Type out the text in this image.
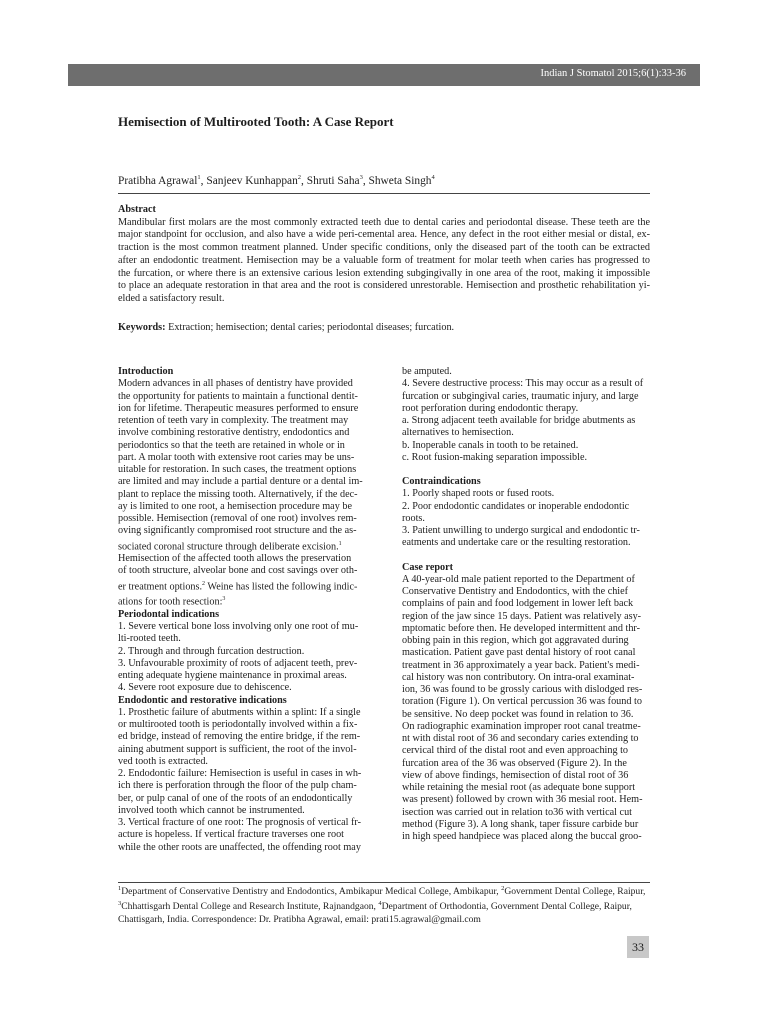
Indian J Stomatol 2015;6(1):33-36
Hemisection of Multirooted Tooth: A Case Report
Pratibha Agrawal$^1$, Sanjeev Kunhappan$^2$, Shruti Saha$^3$, Shweta Singh$^4$
Abstract
Mandibular first molars are the most commonly extracted teeth due to dental caries and periodontal disease. These teeth are the
major standpoint for occlusion, and also have a wide peri-cemental area. Hence, any defect in the root either mesial or distal, ex-
traction is the most common treatment planned. Under specific conditions, only the diseased part of the tooth can be extracted
after an endodontic treatment. Hemisection may be a valuable form of treatment for molar teeth when caries has progressed to
the furcation, or where there is an extensive carious lesion extending subgingivally in one area of the root, making it impossible
to place an adequate restoration in that area and the root is considered unrestorable. Hemisection and prosthetic rehabilitation yi-
elded a satisfactory result.
Keywords: Extraction; hemisection; dental caries; periodontal diseases; furcation.
Introduction
Modern advances in all phases of dentistry have provided
the opportunity for patients to maintain a functional dentit-
ion for lifetime. Therapeutic measures performed to ensure
retention of teeth vary in complexity. The treatment may
involve combining restorative dentistry, endodontics and
periodontics so that the teeth are retained in whole or in
part. A molar tooth with extensive root caries may be uns-
uitable for restoration. In such cases, the treatment options
are limited and may include a partial denture or a dental im-
plant to replace the missing tooth. Alternatively, if the dec-
ay is limited to one root, a hemisection procedure may be
possible. Hemisection (removal of one root) involves rem-
oving significantly compromised root structure and the as-
sociated coronal structure through deliberate excision.$^1$
Hemisection of the affected tooth allows the preservation
of tooth structure, alveolar bone and cost savings over oth-
er treatment options.$^2$ Weine has listed the following indic-
ations for tooth resection:$^3$
Periodontal indications
1. Severe vertical bone loss involving only one root of mu-
lti-rooted teeth.
2. Through and through furcation destruction.
3. Unfavourable proximity of roots of adjacent teeth, prev-
enting adequate hygiene maintenance in proximal areas.
4. Severe root exposure due to dehiscence.
Endodontic and restorative indications
1. Prosthetic failure of abutments within a splint: If a single
or multirooted tooth is periodontally involved within a fix-
ed bridge, instead of removing the entire bridge, if the rem-
aining abutment support is sufficient, the root of the invol-
ved tooth is extracted.
2. Endodontic failure: Hemisection is useful in cases in wh-
ich there is perforation through the floor of the pulp cham-
ber, or pulp canal of one of the roots of an endodontically
involved tooth which cannot be instrumented.
3. Vertical fracture of one root: The prognosis of vertical fr-
acture is hopeless. If vertical fracture traverses one root
while the other roots are unaffected, the offending root may
be amputed.
4. Severe destructive process: This may occur as a result of
furcation or subgingival caries, traumatic injury, and large
root perforation during endodontic therapy.
a. Strong adjacent teeth available for bridge abutments as
alternatives to hemisection.
b. Inoperable canals in tooth to be retained.
c. Root fusion-making separation impossible.
Contraindications
1. Poorly shaped roots or fused roots.
2. Poor endodontic candidates or inoperable endodontic
roots.
3. Patient unwilling to undergo surgical and endodontic tr-
eatments and undertake care or the resulting restoration.
Case report
A 40-year-old male patient reported to the Department of
Conservative Dentistry and Endodontics, with the chief
complains of pain and food lodgement in lower left back
region of the jaw since 15 days. Patient was relatively asy-
mptomatic before then. He developed intermittent and thr-
obbing pain in this region, which got aggravated during
mastication. Patient gave past dental history of root canal
treatment in 36 approximately a year back. Patient's medi-
cal history was non contributory. On intra-oral examinat-
ion, 36 was found to be grossly carious with dislodged res-
toration (Figure 1). On vertical percussion 36 was found to
be sensitive. No deep pocket was found in relation to 36.
On radiographic examination improper root canal treatme-
nt with distal root of 36 and secondary caries extending to
cervical third of the distal root and even approaching to
furcation area of the 36 was observed (Figure 2). In the
view of above findings, hemisection of distal root of 36
while retaining the mesial root (as adequate bone support
was present) followed by crown with 36 mesial root. Hem-
isection was carried out in relation to36 with vertical cut
method (Figure 3). A long shank, taper fissure carbide bur
in high speed handpiece was placed along the buccal groo-
$^1$Department of Conservative Dentistry and Endodontics, Ambikapur Medical College, Ambikapur, $^2$Government Dental College, Raipur,
$^3$Chhattisgarh Dental College and Research Institute, Rajnandgaon, $^4$Department of Orthodontia, Government Dental College, Raipur,
Chattisgarh, India. Correspondence: Dr. Pratibha Agrawal, email: prati15.agrawal@gmail.com
33
